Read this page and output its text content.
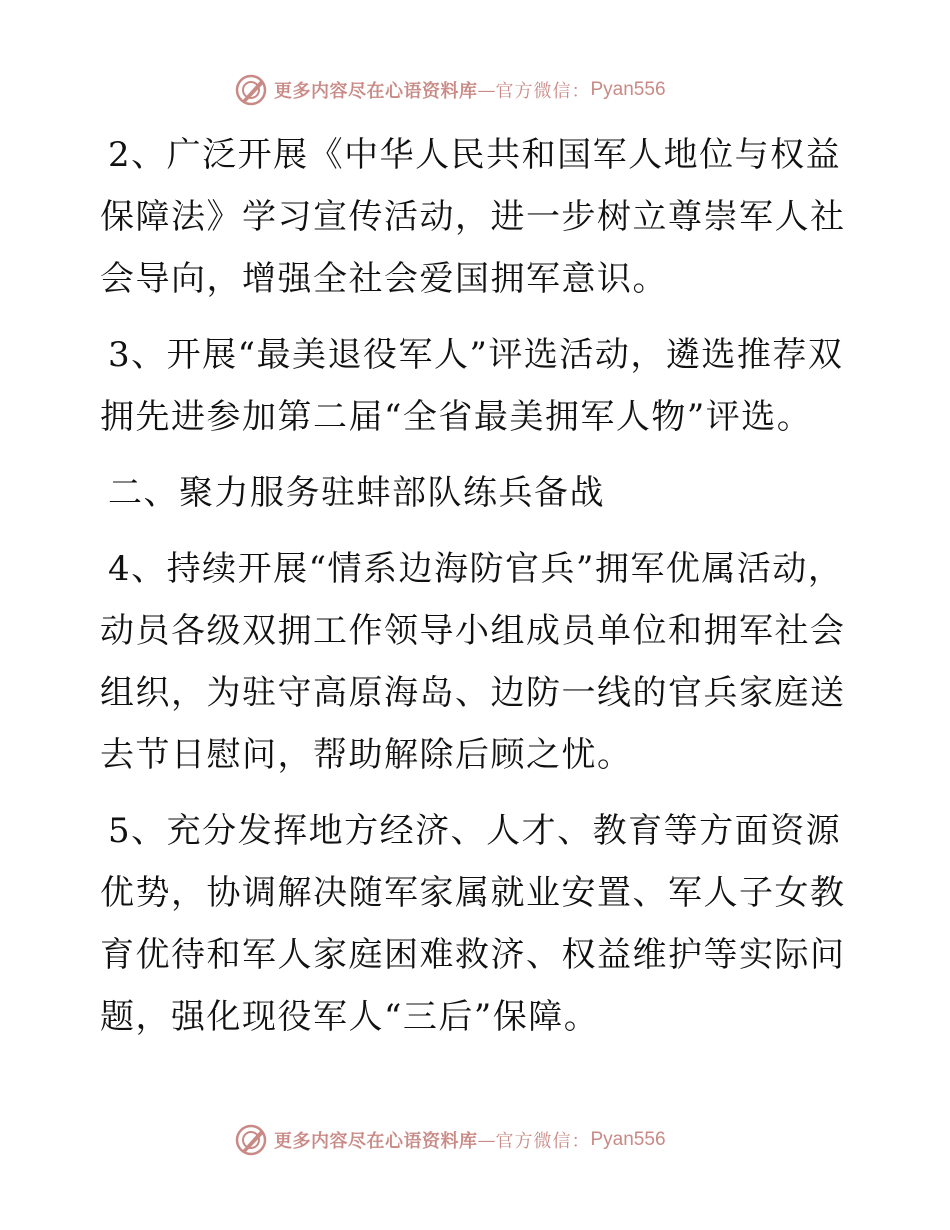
更多内容尽在心语资料库 — 官方微信： Pyan556

2、广泛开展《中华人民共和国军人地位与权益保障法》学习宣传活动，进一步树立尊崇军人社会导向，增强全社会爱国拥军意识。

3、开展“最美退役军人”评选活动，遴选推荐双拥先进参加第二届“全省最美拥军人物”评选。

二、聚力服务驻蚌部队练兵备战

4、持续开展“情系边海防官兵”拥军优属活动，动员各级双拥工作领导小组成员单位和拥军社会组织，为驻守高原海岛、边防一线的官兵家庭送去节日慰问，帮助解除后顾之忧。

5、充分发挥地方经济、人才、教育等方面资源优势，协调解决随军家属就业安置、军人子女教育优待和军人家庭困难救济、权益维护等实际问题，强化现役军人“三后”保障。

更多内容尽在心语资料库 — 官方微信： Pyan556
